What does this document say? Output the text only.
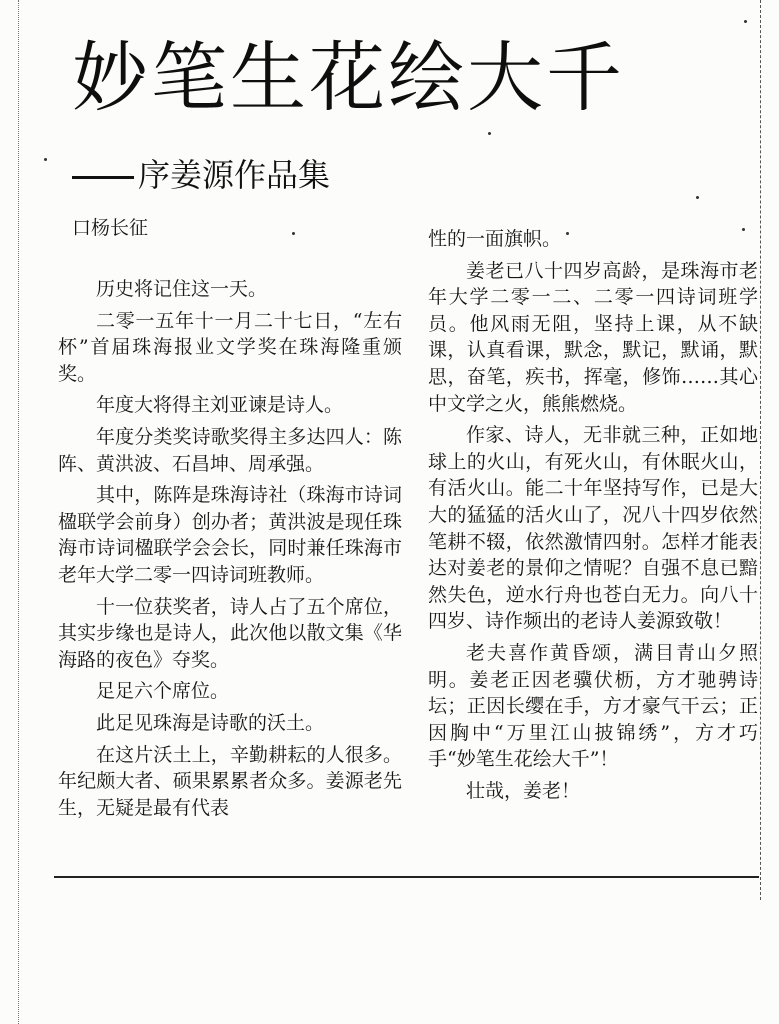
妙笔生花绘大千
序姜源作品集
口杨长征

历史将记住这一天。

二零一五年十一月二十七日，“左右杯”首届珠海报业文学奖在珠海隆重颁奖。

年度大将得主刘亚谏是诗人。

年度分类奖诗歌奖得主多达四人：陈阵、黄洪波、石昌坤、周承强。

其中，陈阵是珠海诗社（珠海市诗词楹联学会前身）创办者；黄洪波是现任珠海市诗词楹联学会会长，同时兼任珠海市老年大学二零一四诗词班教师。

十一位获奖者，诗人占了五个席位，其实步缘也是诗人，此次他以散文集《华海路的夜色》夺奖。

足足六个席位。

此足见珠海是诗歌的沃土。

在这片沃土上，辛勤耕耘的人很多。年纪颇大者、硕果累累者众多。姜源老先生，无疑是最有代表

性的一面旗帜。

姜老已八十四岁高龄，是珠海市老年大学二零一二、二零一四诗词班学员。他风雨无阻，坚持上课，从不缺课，认真看课，默念，默记，默诵，默思，奋笔，疾书，挥毫，修饰……其心中文学之火，熊熊燃烧。

作家、诗人，无非就三种，正如地球上的火山，有死火山，有休眠火山，有活火山。能二十年坚持写作，已是大大的猛猛的活火山了，况八十四岁依然笔耕不辍，依然激情四射。怎样才能表达对姜老的景仰之情呢？自强不息已黯然失色，逆水行舟也苍白无力。向八十四岁、诗作频出的老诗人姜源致敬！

老夫喜作黄昏颂，满目青山夕照明。姜老正因老骥伏枥，方才驰骋诗坛；正因长缨在手，方才豪气干云；正因胸中“万里江山披锦绣”，方才巧手“妙笔生花绘大千”！

壮哉，姜老！
